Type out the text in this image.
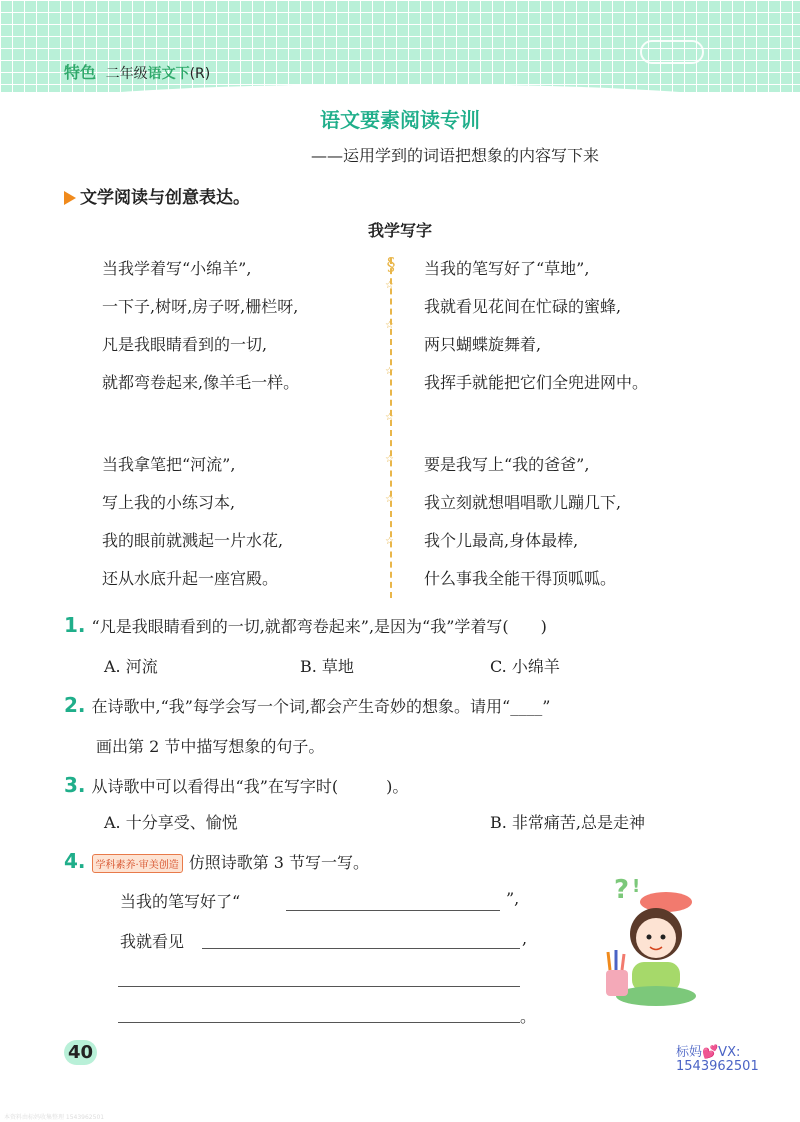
特色 二年级语文下(R)
语文要素阅读专训
——运用学到的词语把想象的内容写下来
文学阅读与创意表达。
我学写字
§
☆
☆
☆
☆
☆
☆
☆
当我学着写“小绵羊”,
一下子,树呀,房子呀,栅栏呀,
凡是我眼睛看到的一切,
就都弯卷起来,像羊毛一样。
当我的笔写好了“草地”,
我就看见花间在忙碌的蜜蜂,
两只蝴蝶旋舞着,
我挥手就能把它们全兜进网中。
当我拿笔把“河流”,
写上我的小练习本,
我的眼前就溅起一片水花,
还从水底升起一座宫殿。
要是我写上“我的爸爸”,
我立刻就想唱唱歌儿蹦几下,
我个儿最高,身体最棒,
什么事我全能干得顶呱呱。
1. “凡是我眼睛看到的一切,就都弯卷起来”,是因为“我”学着写(　　)
A. 河流	B. 草地	C. 小绵羊
2. 在诗歌中,“我”每学会写一个词,都会产生奇妙的想象。请用“____”
画出第 2 节中描写想象的句子。
3. 从诗歌中可以看得出“我”在写字时(　　　)。
A. 十分享受、愉悦	B. 非常痛苦,总是走神
4. 学科素养·审美创造 仿照诗歌第 3 节写一写。
当我的笔写好了“	”,
我就看见	,
。
? !
40	标妈💕VX:
1543962501
本资料由标妈收集整理 1543962501
